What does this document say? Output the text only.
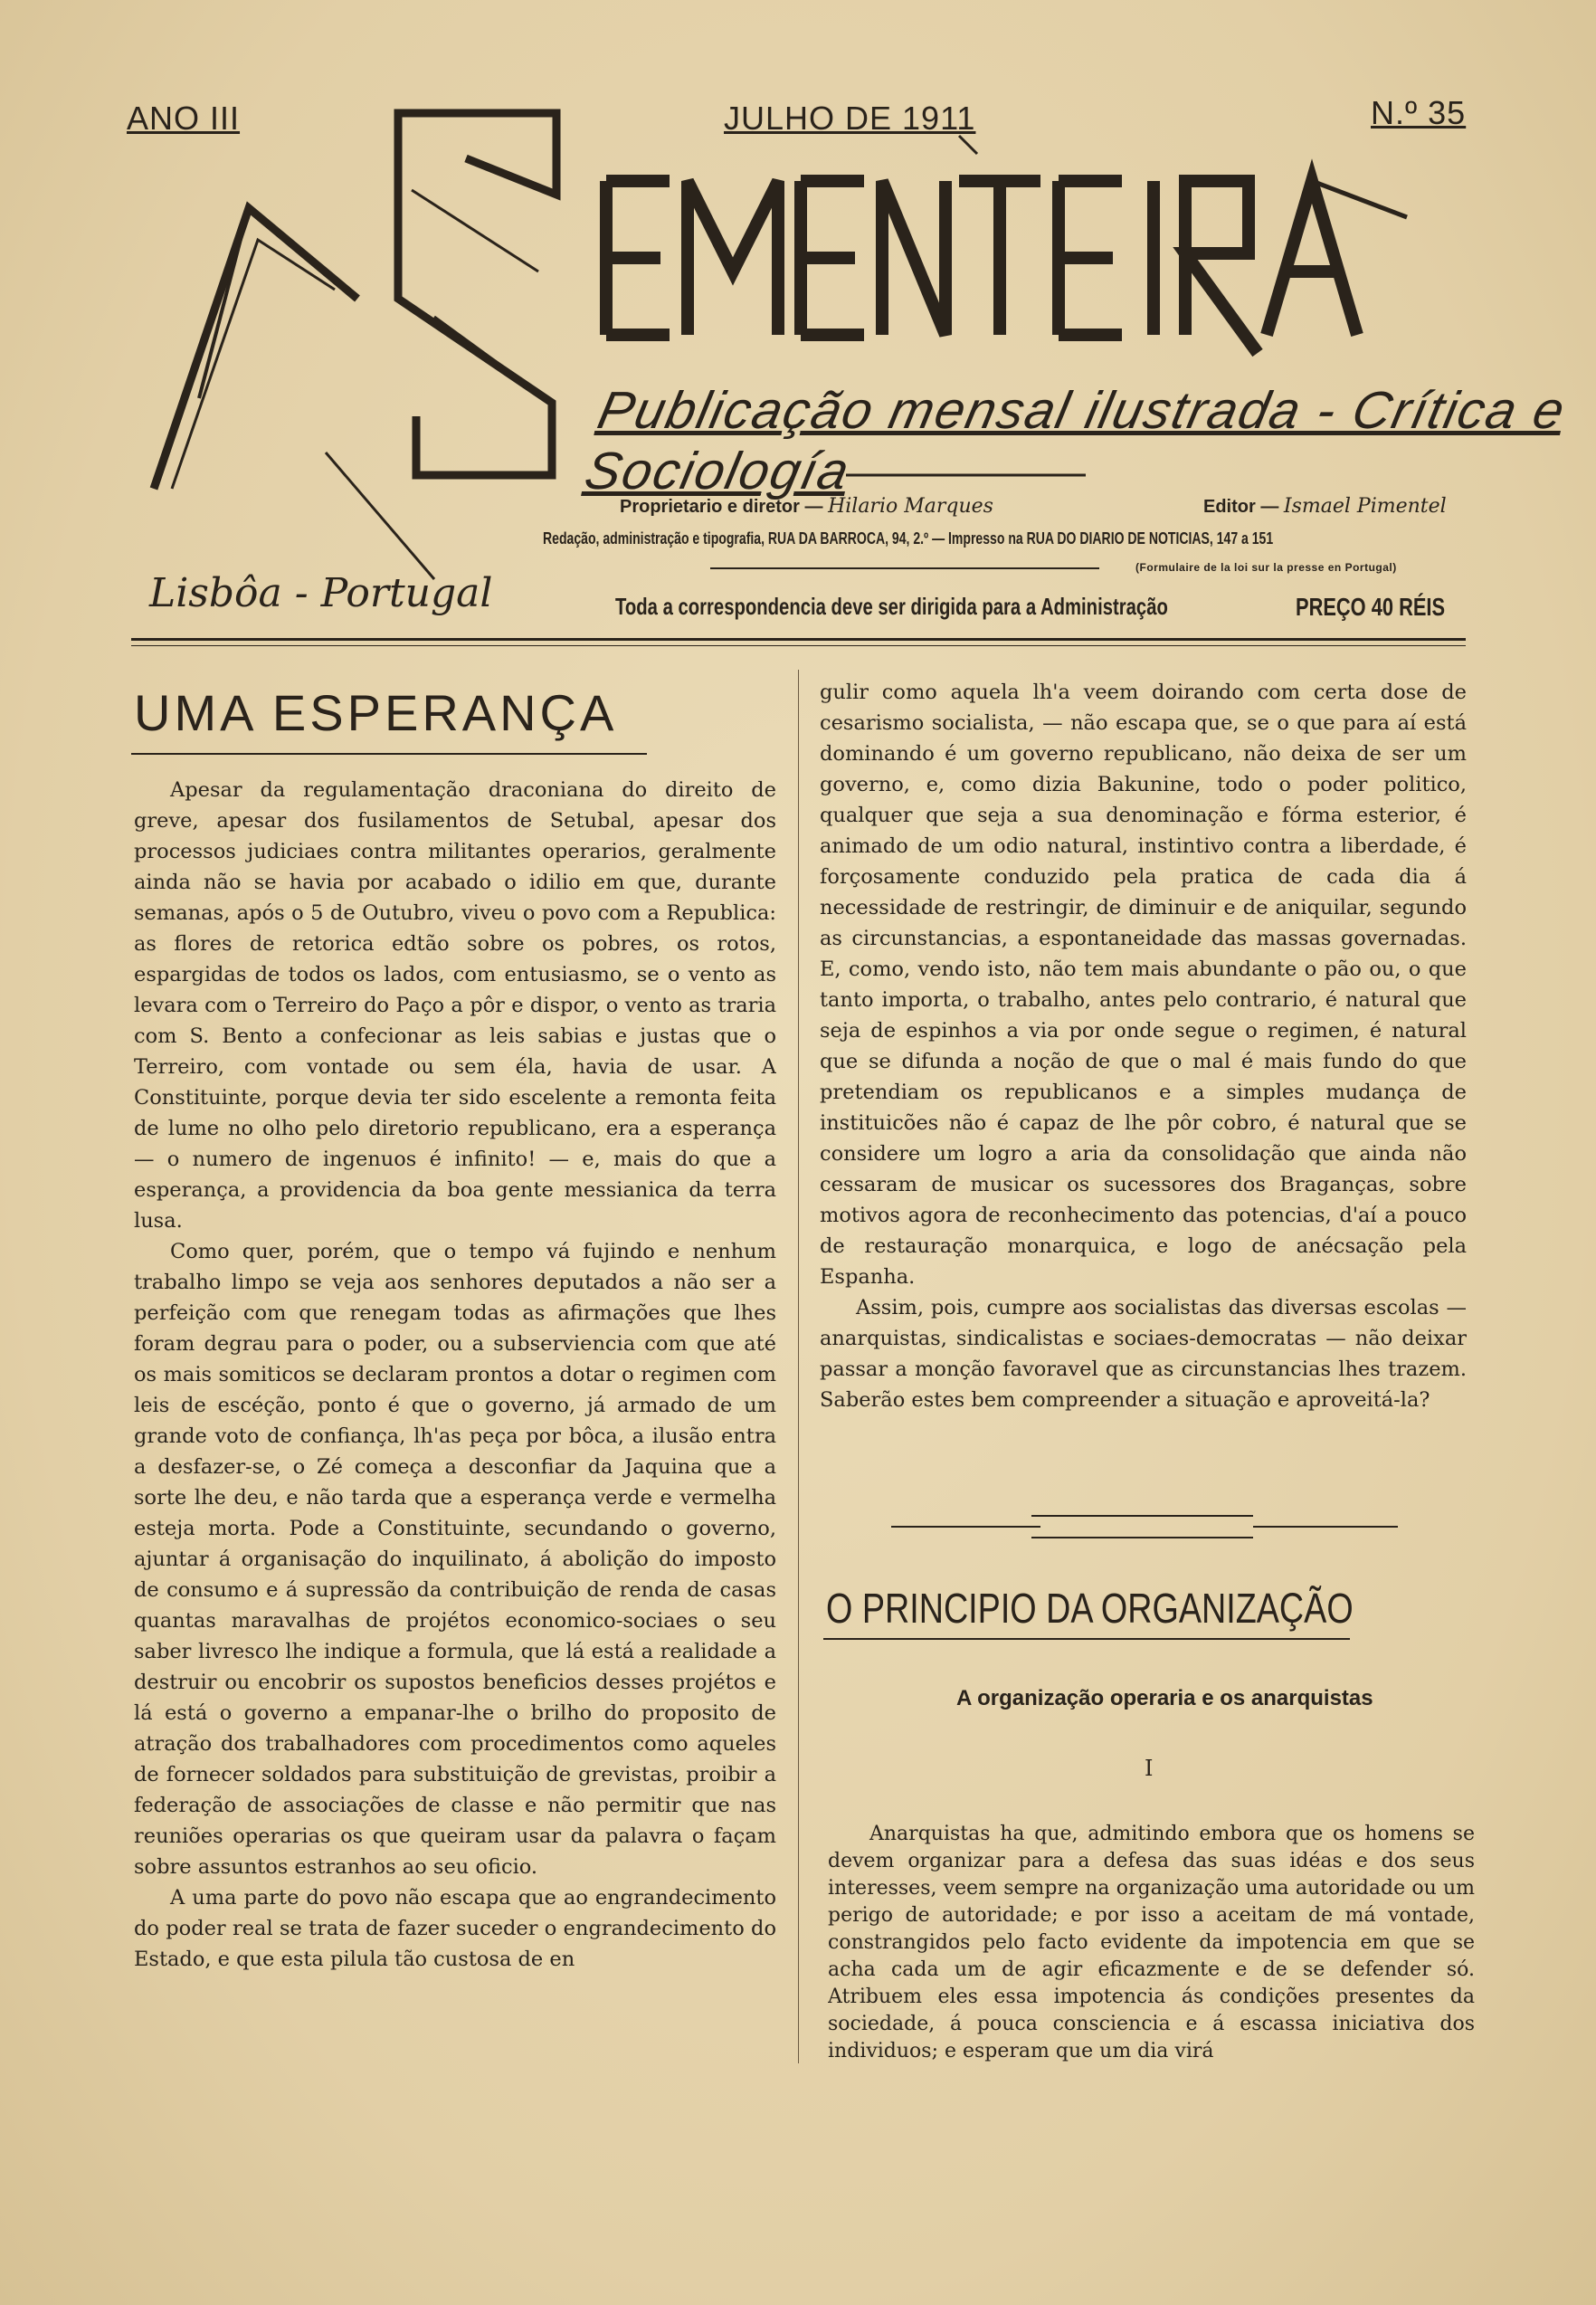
ANO III	JULHO DE 1911	N.º 35
Publicação mensal ilustrada - Crítica e Sociología
Lisbôa - Portugal
Proprietario e diretor — Hilario Marques	Editor — Ismael Pimentel
Redação, administração e tipografia, RUA DA BARROCA, 94, 2.º — Impresso na RUA DO DIARIO DE NOTICIAS, 147 a 151
(Formulaire de la loi sur la presse en Portugal)
Toda a correspondencia deve ser dirigida para a Administração	PREÇO 40 RÉIS
UMA ESPERANÇA

Apesar da regulamentação draconiana do direito de greve, apesar dos fusilamentos de Setubal, apesar dos processos judiciaes contra militantes operarios, geralmente ainda não se havia por acabado o idilio em que, durante semanas, após o 5 de Outubro, viveu o povo com a Republica: as flores de retorica edtão sobre os pobres, os rotos, espargidas de todos os lados, com entusiasmo, se o vento as levara com o Terreiro do Paço a pôr e dispor, o vento as traria com S. Bento a confecionar as leis sabias e justas que o Terreiro, com vontade ou sem éla, havia de usar. A Constituinte, porque devia ter sido escelente a remonta feita de lume no olho pelo diretorio republicano, era a esperança — o numero de ingenuos é infinito! — e, mais do que a esperança, a providencia da boa gente messianica da terra lusa.

Como quer, porém, que o tempo vá fujindo e nenhum trabalho limpo se veja aos senhores deputados a não ser a perfeição com que renegam todas as afirmações que lhes foram degrau para o poder, ou a subserviencia com que até os mais somiticos se declaram prontos a dotar o regimen com leis de escéção, ponto é que o governo, já armado de um grande voto de confiança, lh'as peça por bôca, a ilusão entra a desfazer-se, o Zé começa a desconfiar da Jaquina que a sorte lhe deu, e não tarda que a esperança verde e vermelha esteja morta. Pode a Constituinte, secundando o governo, ajuntar á organisação do inquilinato, á abolição do imposto de consumo e á supressão da contribuição de renda de casas quantas maravalhas de projétos economico-sociaes o seu saber livresco lhe indique a formula, que lá está a realidade a destruir ou encobrir os supostos beneficios desses projétos e lá está o governo a empanar-lhe o brilho do proposito de atração dos trabalhadores com procedimentos como aqueles de fornecer soldados para substituição de grevistas, proibir a federação de associações de classe e não permitir que nas reuniões operarias os que queiram usar da palavra o façam sobre assuntos estranhos ao seu oficio.

A uma parte do povo não escapa que ao engrandecimento do poder real se trata de fazer suceder o engrandecimento do Estado, e que esta pilula tão custosa de en

gulir como aquela lh'a veem doirando com certa dose de cesarismo socialista, — não escapa que, se o que para aí está dominando é um governo republicano, não deixa de ser um governo, e, como dizia Bakunine, todo o poder politico, qualquer que seja a sua denominação e fórma esterior, é animado de um odio natural, instintivo contra a liberdade, é forçosamente conduzido pela pratica de cada dia á necessidade de restringir, de diminuir e de aniquilar, segundo as circunstancias, a espontaneidade das massas governadas. E, como, vendo isto, não tem mais abundante o pão ou, o que tanto importa, o trabalho, antes pelo contrario, é natural que seja de espinhos a via por onde segue o regimen, é natural que se difunda a noção de que o mal é mais fundo do que pretendiam os republicanos e a simples mudança de instituicões não é capaz de lhe pôr cobro, é natural que se considere um logro a aria da consolidação que ainda não cessaram de musicar os sucessores dos Braganças, sobre motivos agora de reconhecimento das potencias, d'aí a pouco de restauração monarquica, e logo de anécsação pela Espanha.

Assim, pois, cumpre aos socialistas das diversas escolas — anarquistas, sindicalistas e sociaes-democratas — não deixar passar a monção favoravel que as circunstancias lhes trazem. Saberão estes bem compreender a situação e aproveitá-la?

O PRINCIPIO DA ORGANIZAÇÃO
A organização operaria e os anarquistas
I

Anarquistas ha que, admitindo embora que os homens se devem organizar para a defesa das suas idéas e dos seus interesses, veem sempre na organização uma autoridade ou um perigo de autoridade; e por isso a aceitam de má vontade, constrangidos pelo facto evidente da impotencia em que se acha cada um de agir eficazmente e de se defender só. Atribuem eles essa impotencia ás condições presentes da sociedade, á pouca consciencia e á escassa iniciativa dos individuos; e esperam que um dia virá
